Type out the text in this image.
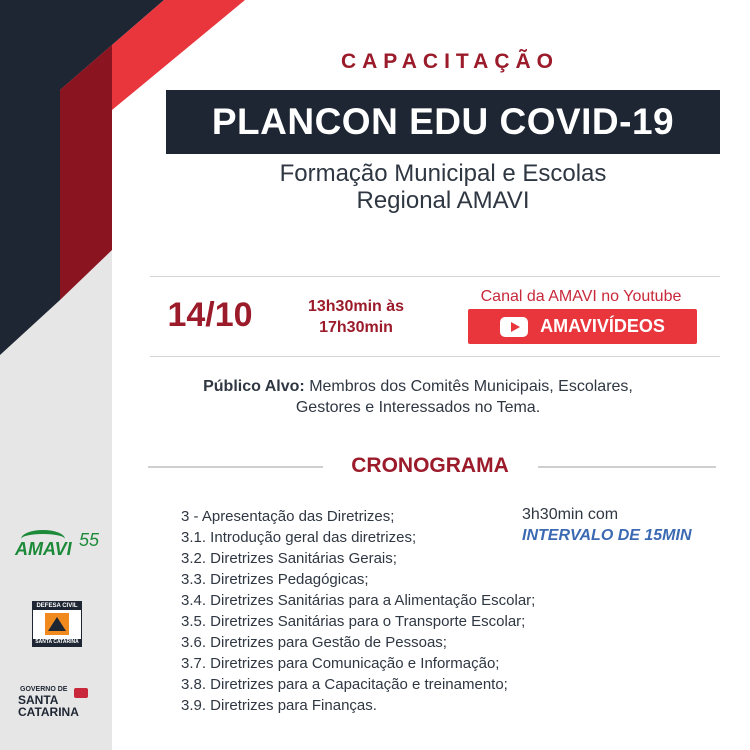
CAPACITAÇÃO
PLANCON EDU COVID-19
Formação Municipal e Escolas
Regional AMAVI
14/10	13h30min às
17h30min
Canal da AMAVI no Youtube
AMAVIVÍDEOS
Público Alvo: Membros dos Comitês Municipais, Escolares,
Gestores e Interessados no Tema.
CRONOGRAMA
3 - Apresentação das Diretrizes;
3.1. Introdução geral das diretrizes;
3.2. Diretrizes Sanitárias Gerais;
3.3. Diretrizes Pedagógicas;
3.4. Diretrizes Sanitárias para a Alimentação Escolar;
3.5. Diretrizes Sanitárias para o Transporte Escolar;
3.6. Diretrizes para Gestão de Pessoas;
3.7. Diretrizes para Comunicação e Informação;
3.8. Diretrizes para a Capacitação e treinamento;
3.9. Diretrizes para Finanças.
3h30min com
INTERVALO DE 15MIN
AMAVI 55
DEFESA CIVIL
SANTA CATARINA
GOVERNO DE
SANTA
CATARINA
